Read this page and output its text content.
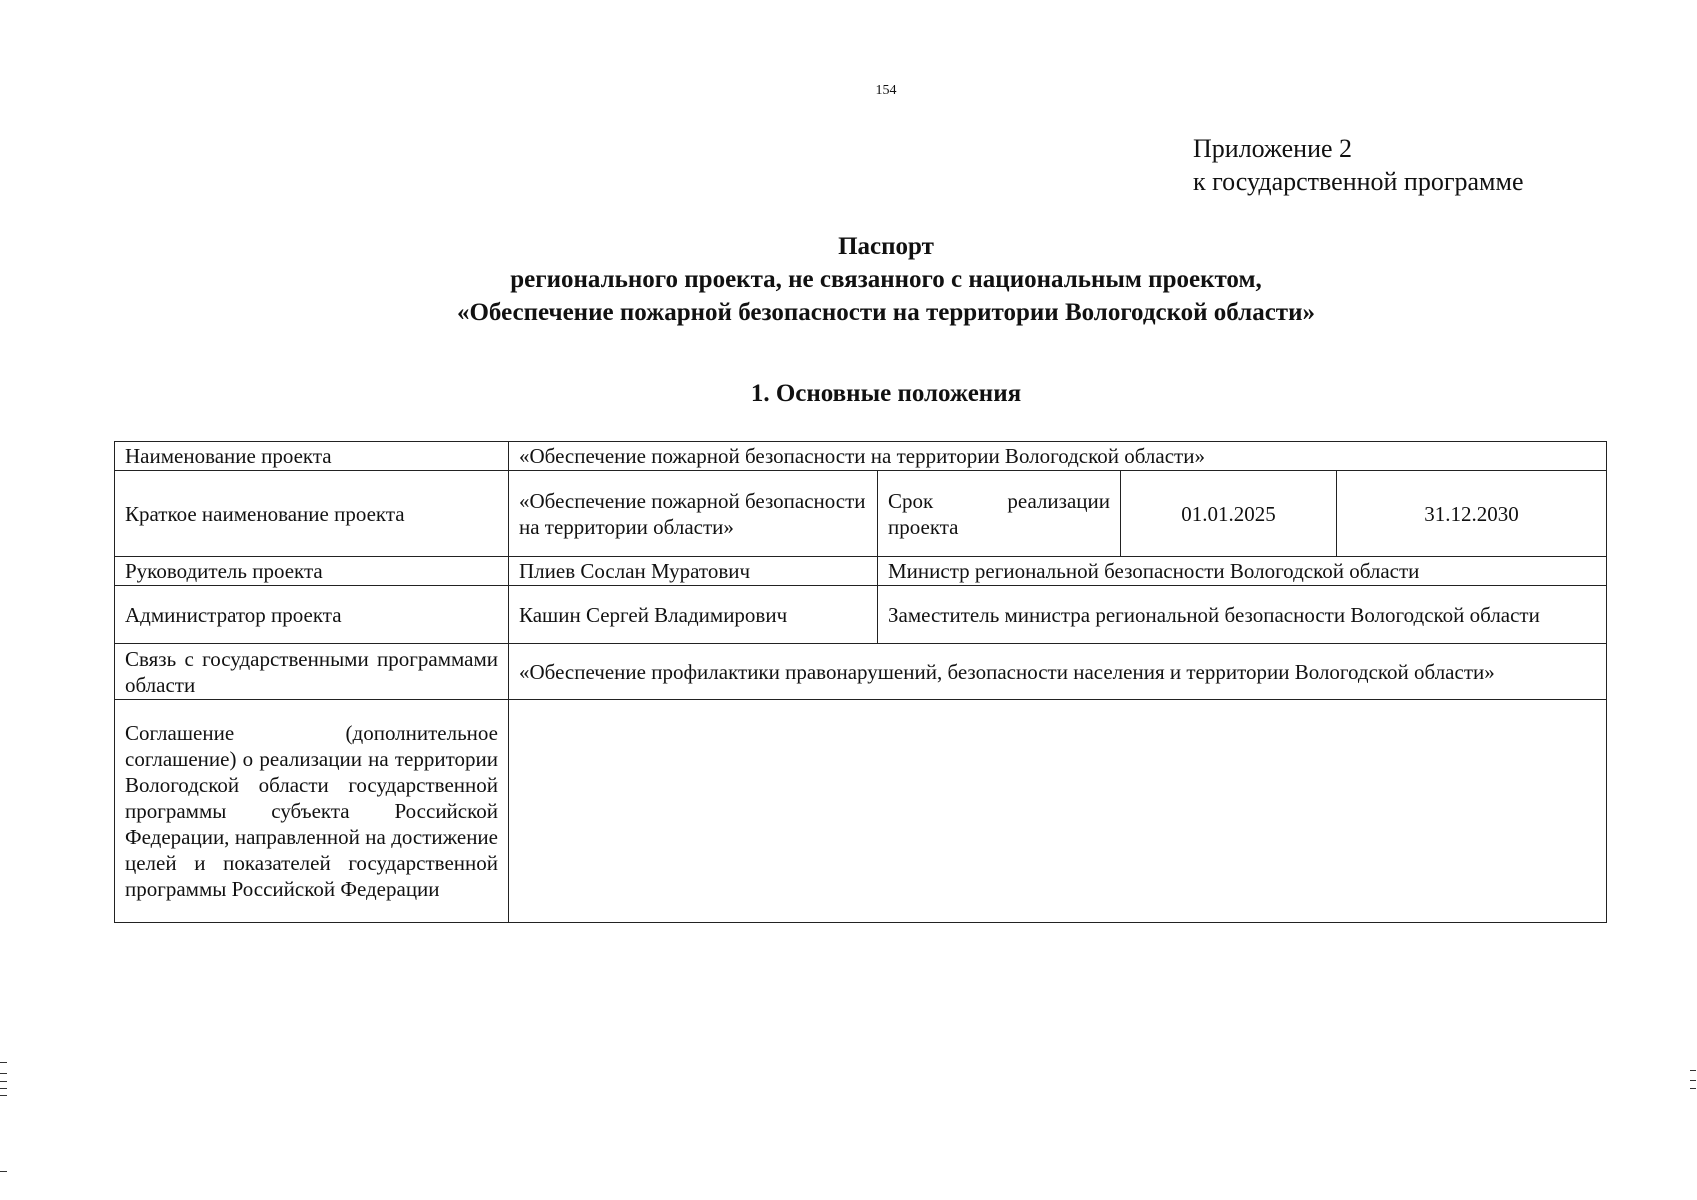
154
Приложение 2
к государственной программе
Паспорт
регионального проекта, не связанного с национальным проектом,
«Обеспечение пожарной безопасности на территории Вологодской области»
1. Основные положения
Наименование проекта	«Обеспечение пожарной безопасности на территории Вологодской области»			
Краткое наименование проекта	«Обеспечение пожарной безопасности на территории области»	Срок реализации проекта	01.01.2025	31.12.2030
Руководитель проекта	Плиев Сослан Муратович	Министр региональной безопасности Вологодской области		
Администратор проекта	Кашин Сергей Владимирович	Заместитель министра региональной безопасности Вологодской области		
Связь с государственными программами области	«Обеспечение профилактики правонарушений, безопасности населения и территории Вологодской области»			
Соглашение (дополнительное соглашение) о реализации на территории Вологодской области государственной программы субъекта Российской Федерации, направленной на достижение целей и показателей государственной программы Российской Федерации				
